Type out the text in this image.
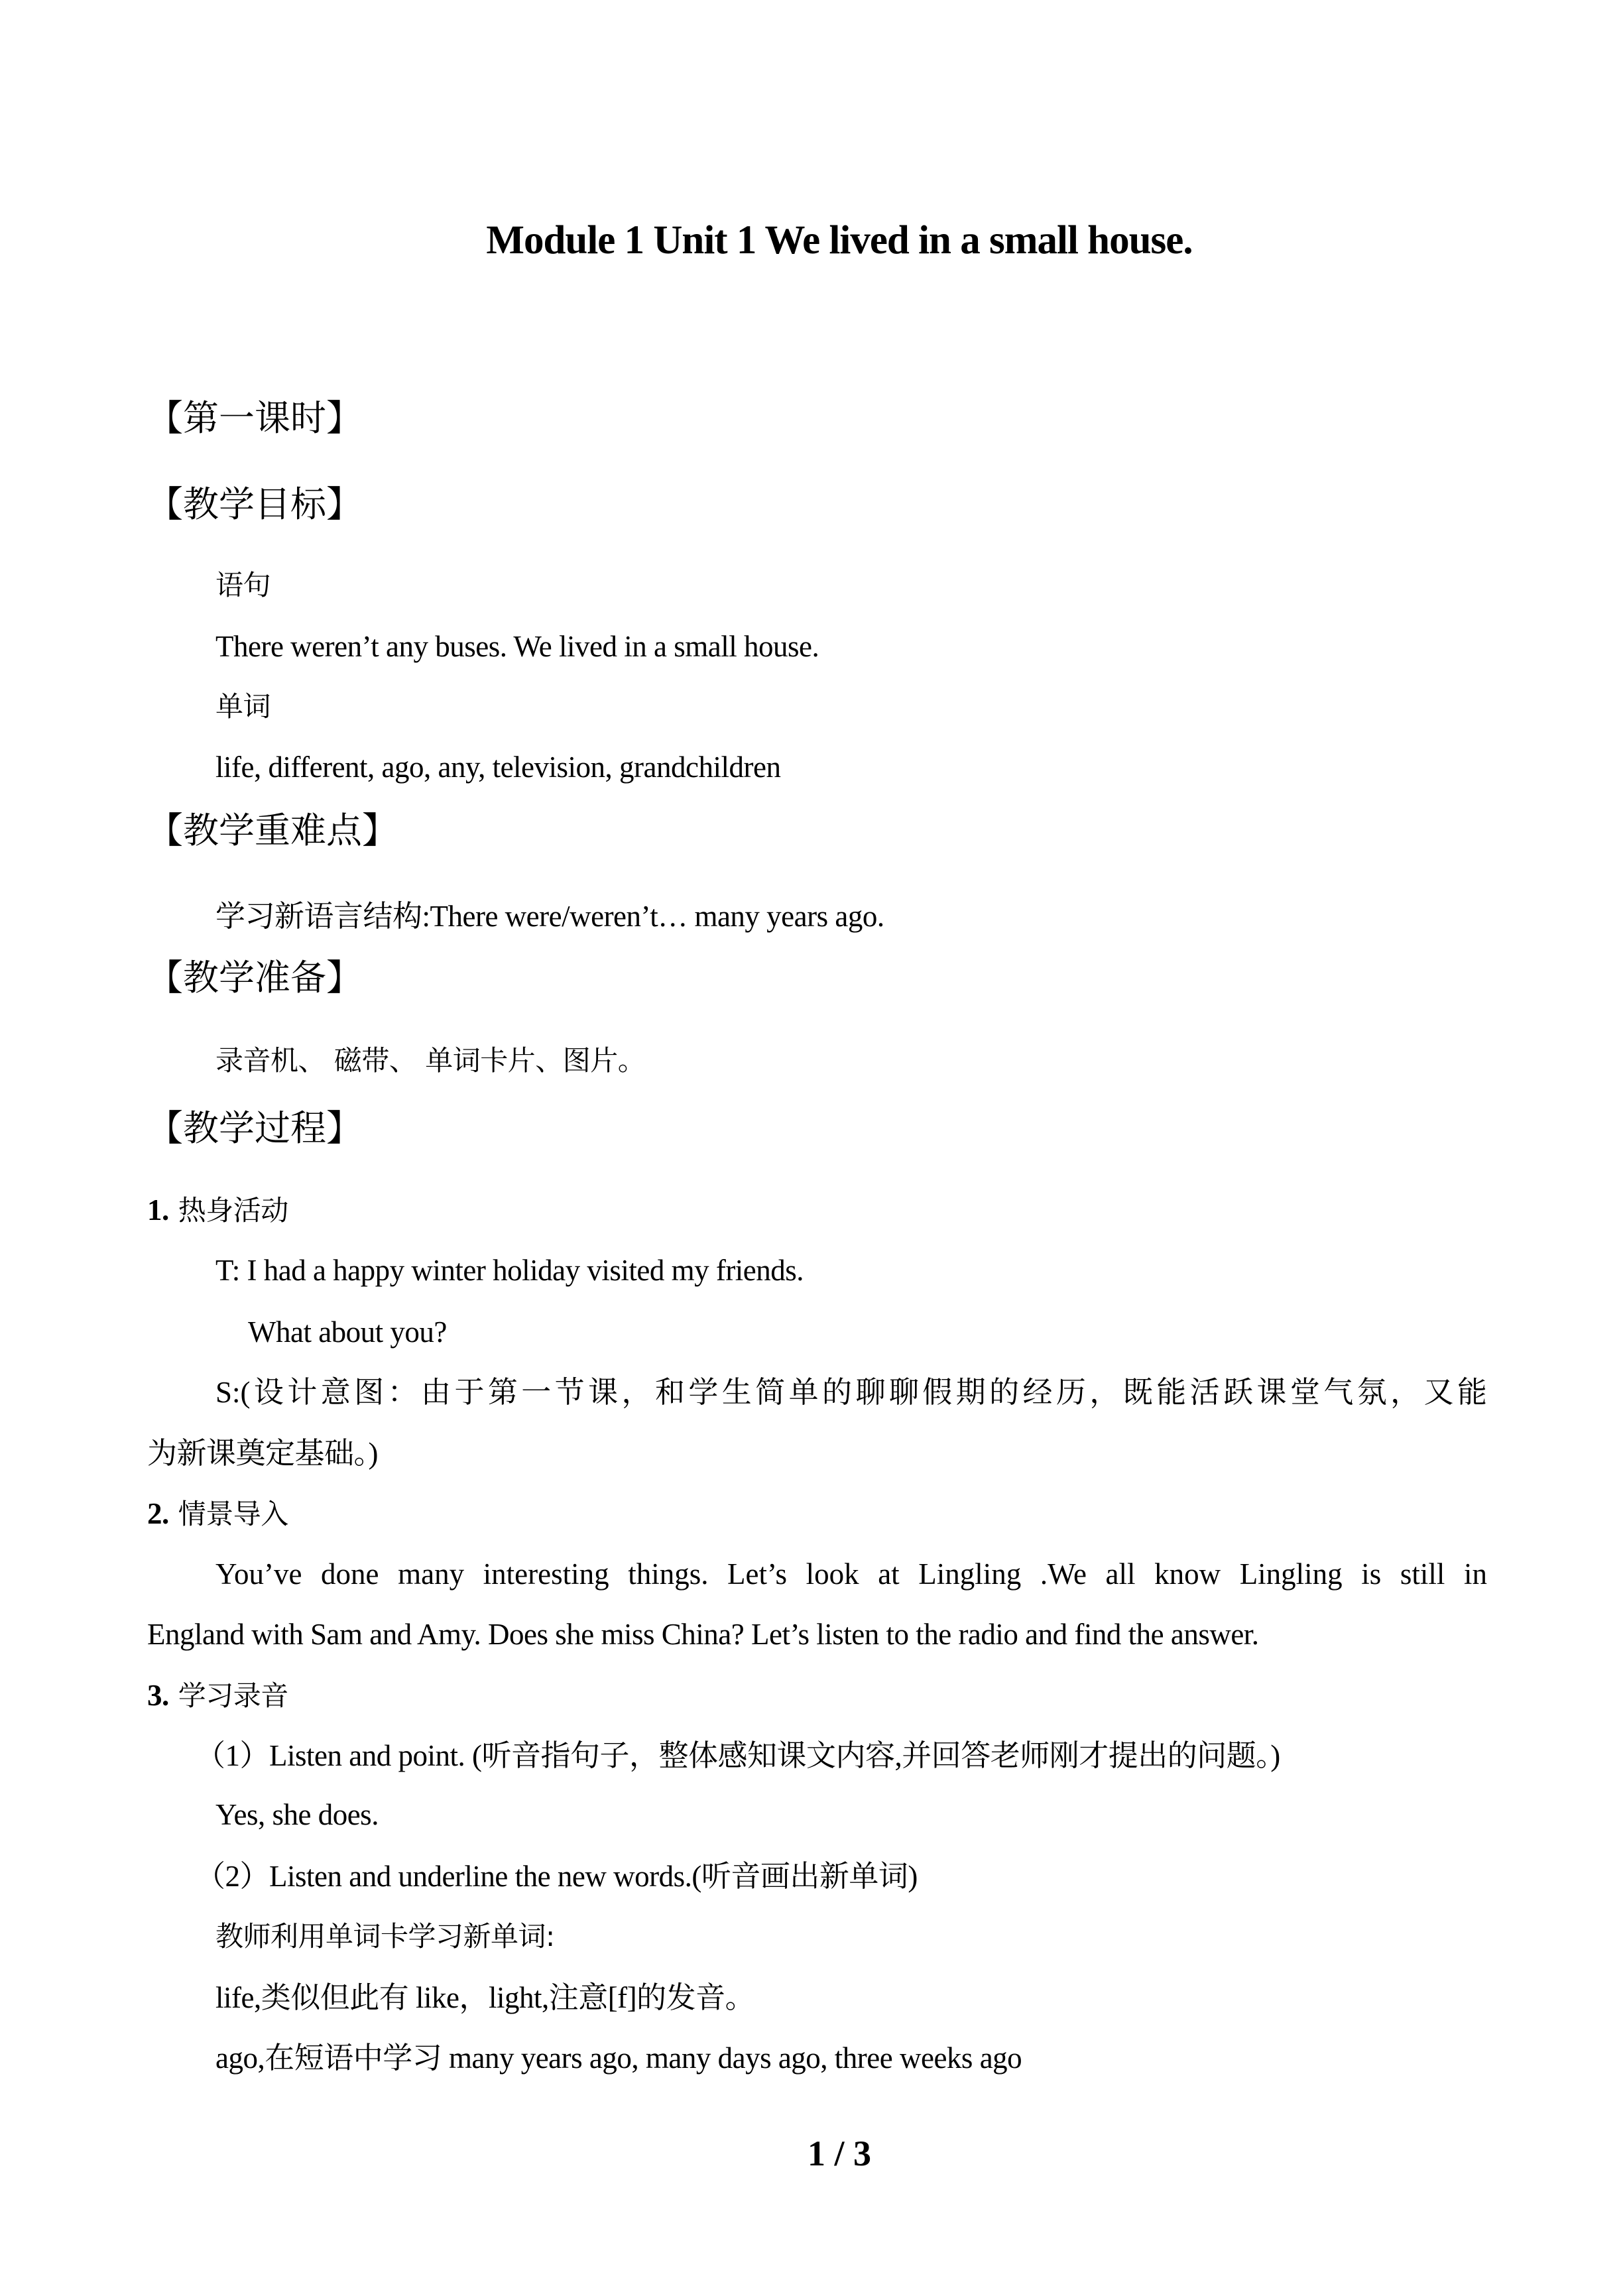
Module 1 Unit 1 We lived in a small house.
【第一课时】
【教学目标】
语句
There weren’t any buses. We lived in a small house.
单词
life, different, ago, any, television, grandchildren
【教学重难点】
学习新语言结构:There were/weren’t… many years ago.
【教学准备】
录音机、 磁带、 单词卡片、图片。
【教学过程】
1. 热身活动
T: I had a happy winter holiday visited my friends.
What about you?
S:(设计意图：由于第一节课，和学生简单的聊聊假期的经历，既能活跃课堂气氛，又能
为新课奠定基础。)
2. 情景导入
You’ve done many interesting things. Let’s look at Lingling .We all know Lingling is still in
England with Sam and Amy. Does she miss China? Let’s listen to the radio and find the answer.
3. 学习录音
（1）Listen and point. (听音指句子，整体感知课文内容,并回答老师刚才提出的问题。)
Yes, she does.
（2）Listen and underline the new words.(听音画出新单词)
教师利用单词卡学习新单词:
life,类似但此有 like，light,注意[f]的发音。
ago,在短语中学习 many years ago, many days ago, three weeks ago
1 / 3
